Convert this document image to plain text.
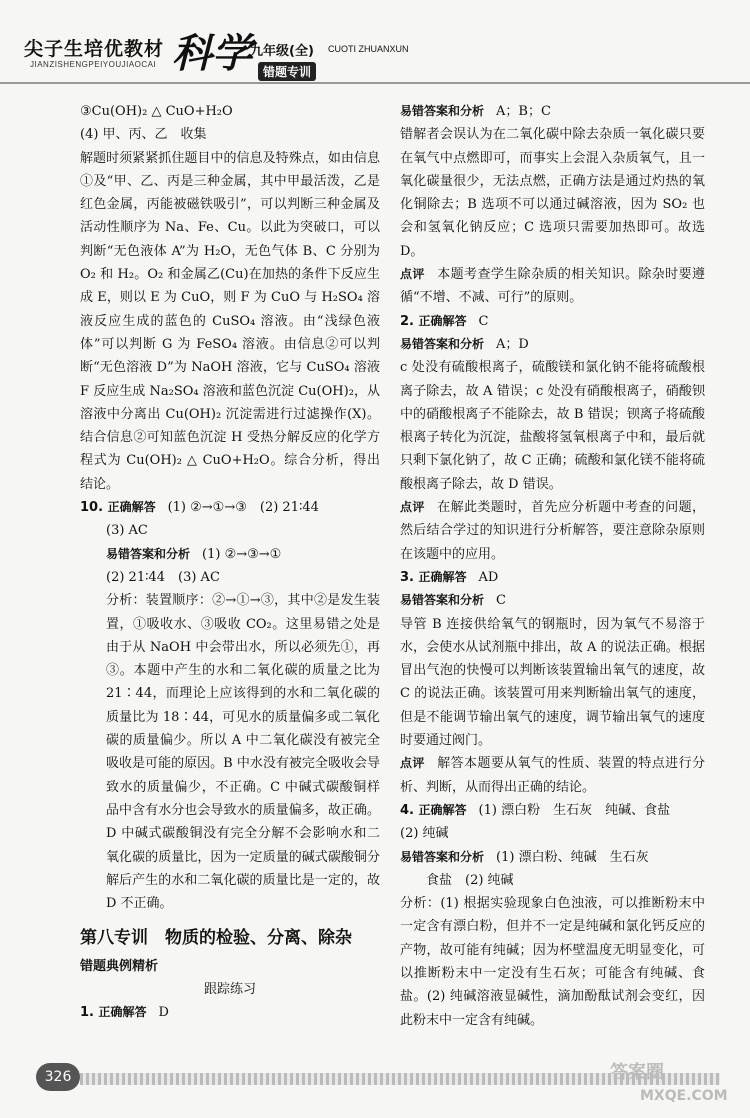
尖子生培优教材
JIANZISHENGPEIYOUJIAOCAI 科学
九年级(全) CUOTI ZHUANXUN
错题专训

③Cu(OH)₂ △ CuO+H₂O

(4) 甲、丙、乙　收集

解题时须紧紧抓住题目中的信息及特殊点，如由信息①及“甲、乙、丙是三种金属，其中甲最活泼，乙是红色金属，丙能被磁铁吸引”，可以判断三种金属及活动性顺序为 Na、Fe、Cu。以此为突破口，可以判断“无色液体 A”为 H₂O，无色气体 B、C 分别为 O₂ 和 H₂。O₂ 和金属乙(Cu)在加热的条件下反应生成 E，则以 E 为 CuO，则 F 为 CuO 与 H₂SO₄ 溶液反应生成的蓝色的 CuSO₄ 溶液。由“浅绿色液体”可以判断 G 为 FeSO₄ 溶液。由信息②可以判断“无色溶液 D”为 NaOH 溶液，它与 CuSO₄ 溶液 F 反应生成 Na₂SO₄ 溶液和蓝色沉淀 Cu(OH)₂，从溶液中分离出 Cu(OH)₂ 沉淀需进行过滤操作(X)。结合信息②可知蓝色沉淀 H 受热分解反应的化学方程式为 Cu(OH)₂ △ CuO+H₂O。综合分析，得出结论。

10. 正确解答　(1) ②→①→③　(2) 21∶44

(3) AC

易错答案和分析　(1) ②→③→①

(2) 21∶44　(3) AC

分析：装置顺序：②→①→③，其中②是发生装置，①吸收水、③吸收 CO₂。这里易错之处是由于从 NaOH 中会带出水，所以必须先①，再③。本题中产生的水和二氧化碳的质量之比为 21∶44，而理论上应该得到的水和二氧化碳的质量比为 18∶44，可见水的质量偏多或二氧化碳的质量偏少。所以 A 中二氧化碳没有被完全吸收是可能的原因。B 中水没有被完全吸收会导致水的质量偏少，不正确。C 中碱式碳酸铜样品中含有水分也会导致水的质量偏多，故正确。D 中碱式碳酸铜没有完全分解不会影响水和二氧化碳的质量比，因为一定质量的碱式碳酸铜分解后产生的水和二氧化碳的质量比是一定的，故 D 不正确。

第八专训　物质的检验、分离、除杂

错题典例精析

跟踪练习

1. 正确解答　D

易错答案和分析　A；B；C

错解者会误认为在二氧化碳中除去杂质一氧化碳只要在氧气中点燃即可，而事实上会混入杂质氧气，且一氧化碳量很少，无法点燃，正确方法是通过灼热的氧化铜除去；B 选项不可以通过碱溶液，因为 SO₂ 也会和氢氧化钠反应；C 选项只需要加热即可。故选 D。

点评　本题考查学生除杂质的相关知识。除杂时要遵循“不增、不减、可行”的原则。

2. 正确解答　C

易错答案和分析　A；D

c 处没有硫酸根离子，硫酸镁和氯化钠不能将硫酸根离子除去，故 A 错误；c 处没有硝酸根离子，硝酸钡中的硝酸根离子不能除去，故 B 错误；钡离子将硫酸根离子转化为沉淀，盐酸将氢氧根离子中和，最后就只剩下氯化钠了，故 C 正确；硫酸和氯化镁不能将硫酸根离子除去，故 D 错误。

点评　在解此类题时，首先应分析题中考查的问题，然后结合学过的知识进行分析解答，要注意除杂原则在该题中的应用。

3. 正确解答　AD

易错答案和分析　C

导管 B 连接供给氧气的钢瓶时，因为氧气不易溶于水，会使水从试剂瓶中排出，故 A 的说法正确。根据冒出气泡的快慢可以判断该装置输出氧气的速度，故 C 的说法正确。该装置可用来判断输出氧气的速度，但是不能调节输出氧气的速度，调节输出氧气的速度时要通过阀门。

点评　解答本题要从氧气的性质、装置的特点进行分析、判断，从而得出正确的结论。

4. 正确解答　(1) 漂白粉　生石灰　纯碱、食盐

(2) 纯碱

易错答案和分析　(1) 漂白粉、纯碱　生石灰

食盐　(2) 纯碱

分析：(1) 根据实验现象白色浊液，可以推断粉末中一定含有漂白粉，但并不一定是纯碱和氯化钙反应的产物，故可能有纯碱；因为杯壁温度无明显变化，可以推断粉末中一定没有生石灰；可能含有纯碱、食盐。(2) 纯碱溶液显碱性，滴加酚酞试剂会变红，因此粉末中一定含有纯碱。

326	答案圈
MXQE.COM
